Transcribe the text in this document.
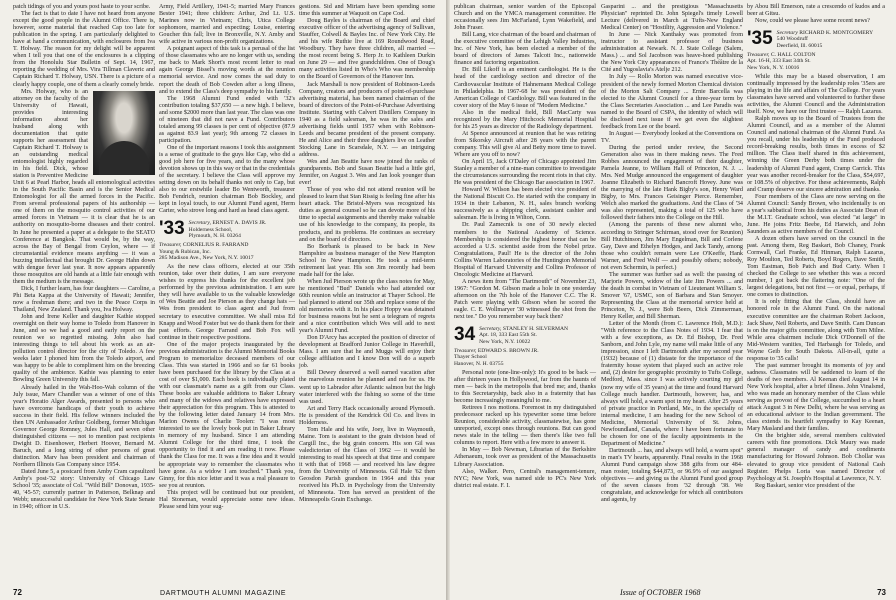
patch tidings of you and yours post haste to your scribe.

The fact is that to date I have not heard from anyone except the good people in the Alumni Office. There is, however, some material that reached Cap too late for publication in the spring. I am particularly delighted to have at hand a communication, with enclosures from Iva T. Holway. The reason for my delight will be apparent when I tell you that one of the enclosures is a clipping from the Honolulu Star Bulletin of Sept. 14, 1967, reporting the wedding of Mrs. Vira Tillman Claveric and Captain Richard T. Holway, USN. There is a picture of a clearly happy couple, one of them a clearly comely bride.

Mrs. Holway, who is an attorney on the faculty of the University of Hawaii, provides interesting information about her husband along with documentation that quite supports her assessment that Captain Richard T. Holway is an outstanding medical entomologist highly regarded in his field. Dick, whose station is Preventive Medicine Unit 6 at Pearl Harbor, heads all entomological activities in the South Pacific Basin and is the Senior Medical Entomologist for all the armed forces in the Pacific. From several professional papers of his authorship — one of them on the mosquito control activities of our armed forces in Vietnam — it is clear that he is an authority on mosquito-borne diseases and their control. In June he presented a paper at a delegate to the SEATO Conference at Bangkok. That would be, by the way, across the Bay of Bengal from Ceylon, where — if circumstantial evidence means anything — it was a buzzing intellectual that brought Dr. George Hahn down with dengue fever last year. It now appears apparently those mosquitos are old hands at a little fair enough with them the medium is the message.

Dick, I further learn, has four daughters — Caroline, a Phi Beta Kappa at the University of Hawaii; Jennifer, now a freshman there; and two in the Peace Corps in Thailand, New Zealand. Thank you, Iva Holway.

John and Irene Keller and daughter Kathie stopped overnight on their way home to Toledo from Hanover in June, and so we had a good and early report on the reunion we so regretted missing. John also had interesting things to tell about his work as an air-pollution control director for the city of Toledo. A few weeks later I phoned him from the Toledo airport, and was happy to be able to compliment him on the breezing quality of the ambience. Kathie was planning to enter Bowling Green University this fall.

Already hailed in the Wah-Hoo-Wah column of the July issue, Marv Chandler was a winner of one of this year's Horatio Alger Awards, presented to persons who have overcome handicaps of their youth to achieve success in their field. His fellow winners included the then UN Ambassador Arthur Goldberg, former Michigan Governor George Romney, Jules Hall, and seven other distinguished citizens — not to mention past recipients Dwight D. Eisenhower, Herbert Hoover, Bernard M. Baruch, and a long string of other persons of great distinction. Marv has been president and chairman of Northern Illinois Gas Company since 1954.

Dated June 5, a postcard from Amby Cram capsulized Amby's post-'32 story: University of Chicago Law School '35; associate of Col. "Wild Bill" Donovan, 1935-40, '45-57; currently partner in Patterson, Belknap and Webb; unsuccessful candidate for New York State Senate in 1940; officer in U.S.

Army, Field Artillery, 1941-5; married Mary Frances Bester 1941; three children: Arthur, 2nd Lt. U.S. Marines now in Vietnam; Chris, Utica College sophomore, married and expecting; Louise, entering Goucher this fall; live in Bronxville, N.Y. Amby and wife active in various non-profit organizations.

A poignant aspect of this task is a perusal of the list of those classmates who are no longer with us, sending me back to Mark Short's most recent letter to read again George Bissel's moving words at the reunion memorial service. And now comes the sad duty to report the death of Bob Cowden after a long illness, and to extend the Class's deep sympathy to his family.

The 1968 Alumni Fund ended with '32's contribution totaling $37,650 — a new high. I believe, and some $2000 more than last year. The class was one of nineteen that did not nave a Fund. Contributors totaled among 99 classes is per cent of objective (87.9 as against 83.9 last year); 9th among 72 classes in participation.

One of the important reasons I took this assignment is a sense of gratitude to the guys like Cap, who did a good job here for five years, and to the many whose devotion shows up in this way or that in the credentials of the secretary. I believe the Class will approve my setting down on its behalf thanks not only to Cap, but also to our erstwhile leader Bo Wentworth, treasurer Bob Fendrich, reunion chairman Bob Bockley, and kept in loyal touch, to our Alumni Fund agent, Herm Carter, who strove long and hard as head class agent.

'33 Secretary, ERNEST A. DAVIS JR.
Holderness School,
Plymouth, N. H. 03264
Treasurer, CORNELIUS R. FARRAND
Young & Rubican, Inc.
285 Madison Ave., New York, N.Y. 10017

As the new class officers, elected at our 35th reunion, take over their duties, I am sure everyone wishes to express his thanks for the excellent job performed by the previous administration. I am sure they will have available to us the valuable knowledge of Wes Beattie and Joe Pierson as they change hats — Wes from president to class agent and Jud from secretary to executive committee. We shall miss Ed Knapp and Wood Foster but we do thank them for their past efforts. George Farrand and Bob Fox will continue in their respective positions.

One of the major projects inaugurated by the previous administration is the Alumni Memorial Books Program to memorialize deceased members of our Class. This was started in 1966 and so far 61 books have been purchased for the library by the Class at a cost of over $1,000. Each book is individually plated with our classmate's name as a gift from our Class. These books are valuable additions to Baker Library and many of the widows and relatives have expressed their appreciation for this program. This is attested to by the following letter dated January 14 from Mrs. Marion Owens of Charlie Toolen: "I was most interested to see the lovely book put in Baker Library in memory of my husband. Since I am attending Alumni College for the third time, I took the opportunity to find it and am reading it now. Please thank the Class for me. It was a fine idea and it would be appropriate way to remember the classmates who have gone. As a widow I am touched." Thank you, Ginny, for this nice letter and it was a real pleasure to see you at reunion.

This project will be continued but our president, Hal Stoneman, would appreciate some new ideas. Please send him your sug-

gestions. Sid and Miriam have been spending some time this summer at Waquoit on Cape Cod.

Doug Bayles is chairman of the Board and chief executive officer of the advertising agency of Sullivan, Stauffer, Colwell & Bayles Inc. of New York City. He and his wife Ruthie live at 169 Roundwood Road, Woodbury. They have three children, all married — the most recent being S. Herp Jr. to Kathleen Durkin on June 29 — and five grandchildren. One of Doug's many activities listed in Who's Who was membership on the Board of Governors of the Hanover Inn.

Jack Marshall is now president of Robinson-Leeds Company, creators and producers of point-of-purchase advertising material, has been named chairman of the board of directors of the Point-of-Purchase Advertising Institute. Starting with Calvert Distillers Company in 1940 as a field salesman, he was in the sales and advertising fields until 1957 when with Robinson-Leeds and became president of the present company. He and Alice and their three daughters live on Leather Stocking Lane in Scarsdale, N.Y. — an intriguing address.

Wes and Jan Beattie have now joined the ranks of grandparents. Bob and Susan Beattie had a little girl, Jennifer, on August 3. Wes and Jan look younger than ever!

Those of you who did not attend reunion will be pleased to learn that Stan Rissig is feeling fine after his heart attack. The Bristol-Myers was recognized his duties as general counsel so he can devote more of his time to special assignments and thereby make valuable use of his knowledge to the company, its people, its products, and its problems. He continues as secretary and on the board of directors.

Bo Borbank is pleased to be back in New Hampshire as business manager of the New Hampton School in New Hampton. He took a mid-term retirement last year. His son Jim recently had been made half for the lake.

When Jud Pierson wrote up the class notes for May, he mentioned "Bud" Daniels who had attended our 60th reunion while an instructor at Thayer School. He had planned to attend our 35th and replace some of the old memories with it. In his place Hoppy was detained for business reasons but he sent a telegram of regrets and a nice contribution which Wes will add to next year's Alumni Fund.

Don D'Arcy has accepted the position of director of development at Bradford Junior College in Haverhill, Mass. I am sure that he and Muggs will enjoy their college affiliation and I know Don will do a superb job.

Bill Dewey deserved a well earned vacation after the marvelous reunion he planned and ran for us. He went up to Labrador after Atlantic salmon but the high water interfered with the fishing so some of the time was used.

Art and Terry Hack occasionally around Plymouth. He is president of the Kendrick Oil Co. and lives in Holderness.

Tom Hale and his wife, Joey, live in Waymouth, Maine. Tom is assistant to the grain division head of Cargill Inc., the big grain concern. His son Gil was valedictorian of the Class of 1962 — it would be interesting to read his speech at that time and compare it with that of 1968 — and received his law degree from the University of Minnesota. Gil Hale '62 then Geosdon Parish grandson in 1964 and this year received his Ph.D. in Psychology from the University of Minnesota. Tom has served as president of the Minneapolis Grain Exchange.

72	DARTMOUTH ALUMNI MAGAZINE

publican chairman, senior warden of the Episcopal Church and on the YMCA management committee. He occasionally sees Jim McFarland, Lynn Wakefield, and John Fraser.

Bill Lang, vice chairman of the board and chairman of the executive committee of the Lehigh Valley Industries, Inc. of New York, has been elected a member of the board of directors of James Talcott Inc., nationwide finance and factoring organization.

Dr. Bill Likoff is an eminent cardiologist. He is the head of the cardiology section and director of the Cardiovascular Institute of Hahnemann Medical College in Philadelphia. In 1967-68 he was president of the American College of Cardiology. Bill was featured in the cover story of the May 6 issue of "Modern Medicine."

Also in the medical field, Bill MacCarty was recognized by the Mary Hitchcock Memorial Hospital for his 25 years as director of the Radiology department.

At Spence announced at reunion that he was retiring from Sikorsky Aircraft after 28 years with the parent company. This will give Al and Betty more time to travel. Where are you off to now?

On April 15, Jack O'Daley of Chicago appointed Jim Stanley a member of a nine-man committee to investigate the circumstances surrounding the recent riots in that city. He was president of the Chicago Bar association in 1967.

Howard W. Wilson has been elected vice president of the National Biscuit Co. He started with the company in 1934 in their Lebanon, N. H., sales branch working successively as a shipping clerk, assistant cashier and salesman. He is living in Wilton, Conn.

Dr. Paul Zamecnik is one of 30 newly elected members to the National Academy of Science. Membership is considered the highest honor that can be accorded a U.S. scientist aside from the Nobel prize. Congratulations, Paul! He is the director of the John Collins Warren Laboratories of the Huntington Memorial Hospital of Harvard University and Collins Professor of Oncologic Medicine at Harvard.

A news item from "The Dartmouth" of November 23, 1967: "Gordon M. Gibson made a hole in one yesterday afternoon on the 7th hole of the Hanover C.C. The R. Patch were playing with Gibson when he scored the eagle. C. E. Wollmaryer '30 witnessed the shot from the next tee." Do you remember way back then?

34 Secretary, STANLEY H. SILVERMAN
Apt. 18, 333 East 55th St.
New York, N.Y. 10022
Treasurer, EDWARD S. BROWN JR.
Thayer School
Hanover, N. H. 03755

Personal note (one-line-only): It's good to be back — after thirteen years in Hollywood, far from the haunts of men — back in the metropolis that bred me; and, thanks to this Secretaryship, back also in a fraternity that has become increasingly meaningful to me.

Retirees I nos motions. Foremost in my distinguished predecessor racked up his typewriter some time before Reunion, considerable activity, classmatewise, has gone unreported, except ones through reunions. But can good news stale in the telling — then there's like two full columns to report. Here with a few more to answer it.

In May — Bob Newman, Librarian of the Berkshire Athenaeum, took over as president of the Massachusetts Library Association.

Also, Walker. Pero, Central's management-tenure, NYC; New York, was named side to PC's New York district real estate. F. I.

Gasparini ... and the prestigious "Massachusetts Physician" reprinted Dr. John Spiegel's timely Lowell Lecture (delivered in March at Tufts-New England Medical Center) on "Hostility, Aggression and Violence."

In June — Nick Xanthaky was promoted from instructor to assistant professor of business administration at Newark. N. J. State College (Salem, Mass.) ... and Sol Jacobson was heave-hoed publishing the New York City appearances of France's Théâtre de la Cité and Yugoslavia's Atelje 212.

In July — Rollo Morton was named executive vice-president of the newly formed Morton Chemical division of the Morton Salt Company ... Ernie Barcella was elected to the Alumni Council for a three-year term by the Class Secretaries Association ... and Lee Paradis was named to the Board of CSPA, the identity of which will be disclosed next issue if we get even the slightest feedback from Lee or the board.

In August — Everybody looked at the Conventions on TV.

During the period under review, the Second Generation also was in there making news. The Fred Robbes announced the engagement of their daughter, Pamela Jeanne, to William Hall of Princeton, N. J. ... Mrs. Ned Mudge announced the engagement of daughter Joanne Elizabeth to Richard Bancroft Hovey. June was the marrying of the late Hank Bigby's son, Henry Ward Bigby, to Mrs. Frances Geisinger Pierce. Remember, Welch also marked the graduations. And the Class of '34 was also represented, making a total of 125 who have followed their fathers into the College on the Hill.

(Among the parents of these new alumni who, according to Stringer Schirman, stood over for Reunion) Bill Hutchinson, Jim Mary Engelman, Bill and Corlene Gay, Dave and Ethelyn Hodges, and Jack Tandy, among those who couldn't remain were Lee O'Keeffe, Hank Warner, and Fred Wolf — and possibly others; nobody, not even Schermin, is perfect.)

The summer was further sad as well: the passing of Marjorie Powers, widow of the late Jim Powers ... and the death in combat in Vietnam of Lieutenant William S. Smover '67, USMC, son of Barbara and Stan Smoyer. Representing the Class at the memorial service held at Princeton, N. J., were Bob Beers, Dick Zimmerman, Henry Keller, and Bill Sherman.

Letter of the Month (from C. Lawrence Holt, M.D.): "With reference to the Class Notes of 1934. I fear that with a few exceptions, as Dr. Ed Bishop, Dr. Fred Sanborn, and John Lyle, my name will make little of any impression, since I left Dartmouth after my second year (1932) because of (1) distaste for the importance of the fraternity house system that played such an active role and, (2) desire for geographic proximity to Tufts College, Medford, Mass. since I was actively courting my girl (now my wife of 35 years) at the time and found Harvard College much handier. Dartmouth, however, has, and always will hold, a warm spot in my heart. After 25 years of private practice in Portland, Me., in the specialty of internal medicine, I am heading for the new School of Medicine, Memorial University of St. Johns, Newfoundland, Canada, where I have been fortunate to be chosen for one of the faculty appointments in the Department of Medicine."

Dartmouth ... has, and always will hold, a warm spot" in man's TV hearts, apparently. Final results in the 1968 Alumni Fund campaign show 388 gifts from our 484-man roster, totaling $44,873, or 96.9% of our assigned objectives — and giving us the Alumni Fund good group of the seven classes from '32 through '38. We congratulate, and acknowledge for which all contributors and agents, by

by Abou Bill Emerson, rate a crescendo of kudos and a beer at Gitsu.

Now, could we please have some recent news?

'35 Secretary RICHARD K. MONTGOMERY
540 Woodruff
Deerfield, Ill. 60015
Treasurer, C. HALL COLTON
Apt. 16-H, 333 East 34th St.
New York, N. Y. 10016

While this may be a biased observation, I am continually impressed by the leadership roles '35ers are playing in the life and affairs of The College. For years classmates have served and volunteered to further these activities, the Alumni Council and the Administration itself. Now, we have our first trustee — Ralph Lazarus.

Ralph moves up to the Board of Trustees from the Alumni Council, and as a member of the Alumni Council and national chairman of the Alumni Fund. As you recall, under his leadership of the Fund produced record-breaking results, both times in excess of $2 million. The Class itself shared in this achievement, winning the Green Derby both times under the leadership of Alumni Fund agent, Cramp Carrick. This year was another record-breaker for the Class, $54,697, or 108.5% of objective. For these achievements, Ralph and Cramp deserve our sincere admiration and thanks.

Four members of the Class are now serving on the Alumni Council: Sandy Brown, who incidentally is on a year's sabbatical from his duties as Associate Dean of the M.I.T. Graduate school, was elected "at large" in June. He joins Fritz Beebe, Ed Harwich, and John Saunders as active members of the Council.

A dozen others have served on the council in the past. Among them, Reg Baskart, Bob Chaney, Frank Cornwall, Carl Franke, Ed Hinman, Ralph Lazarus, Roy Moulton, Ted Roberts, Boyd Rogers, Dave Smith, Tom Eastman, Bob Patch and Bud Carty. When I checked the College to see whether this was a record number, I got back the flattering note: "One of the largest delegations, but not first — or equal, perhaps, if one comes to distinction.

It is only fitting that the Class, should have an honored role in the Alumni Fund. On the national executive committee are the chairman Robert Jackson, Jack Shaw, Neil Roberts, and Dave Smith. Cam Duncan is on the major gifts committee, along with Tom Milne. While area chairmen include Dick O'Donnell of the Mid-Western vanities, Ted Harbaugh for Toledo, and Wayne Geib for South Dakota. All-in-all, quite a response to '35 calls!

The past summer brought its moments of joy and sadness. Classmates will be saddened to learn of the deaths of two members. Al Keenan died August 14 in New York hospital, after a brief illness. John Vinalsmd, who was made an honorary member of the Class while serving as provost of the College, succumbed to a heart attack August 3 in New Delhi, where he was serving as an educational advisor to the Indian government. The class extends its heartfelt sympathy to Kay Keenan, Mary Masland and their families.

On the brighter side, several members cultivated careers with fine promotions. Dick Maury was made general manager of candy and condiments manufacturing for Howard Johnson. Bob Chollar was elevated to group vice president of National Cash Register. Phelps Loria was named Director of Psychology at St. Joseph's Hospital at Lawrence, N. Y.

Reg Baskart, senior vice president of the

Issue of OCTOBER 1968	73
